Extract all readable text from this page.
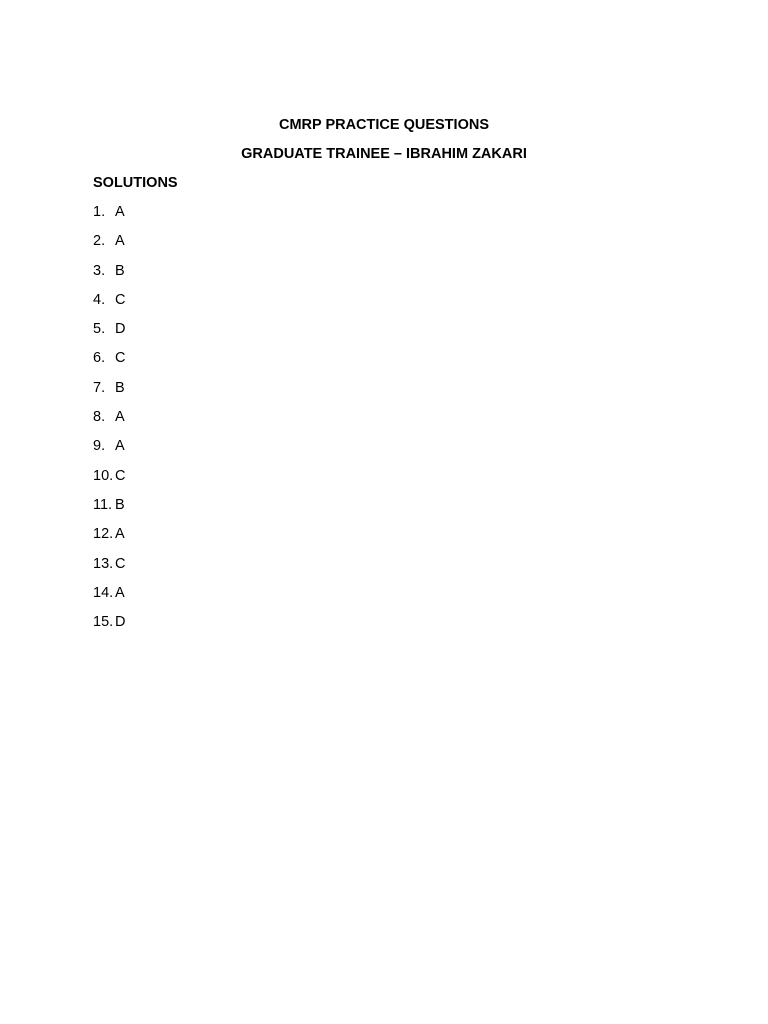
CMRP PRACTICE QUESTIONS
GRADUATE TRAINEE – IBRAHIM ZAKARI
SOLUTIONS
1. A
2. A
3. B
4. C
5. D
6. C
7. B
8. A
9. A
10. C
11. B
12. A
13. C
14. A
15. D
